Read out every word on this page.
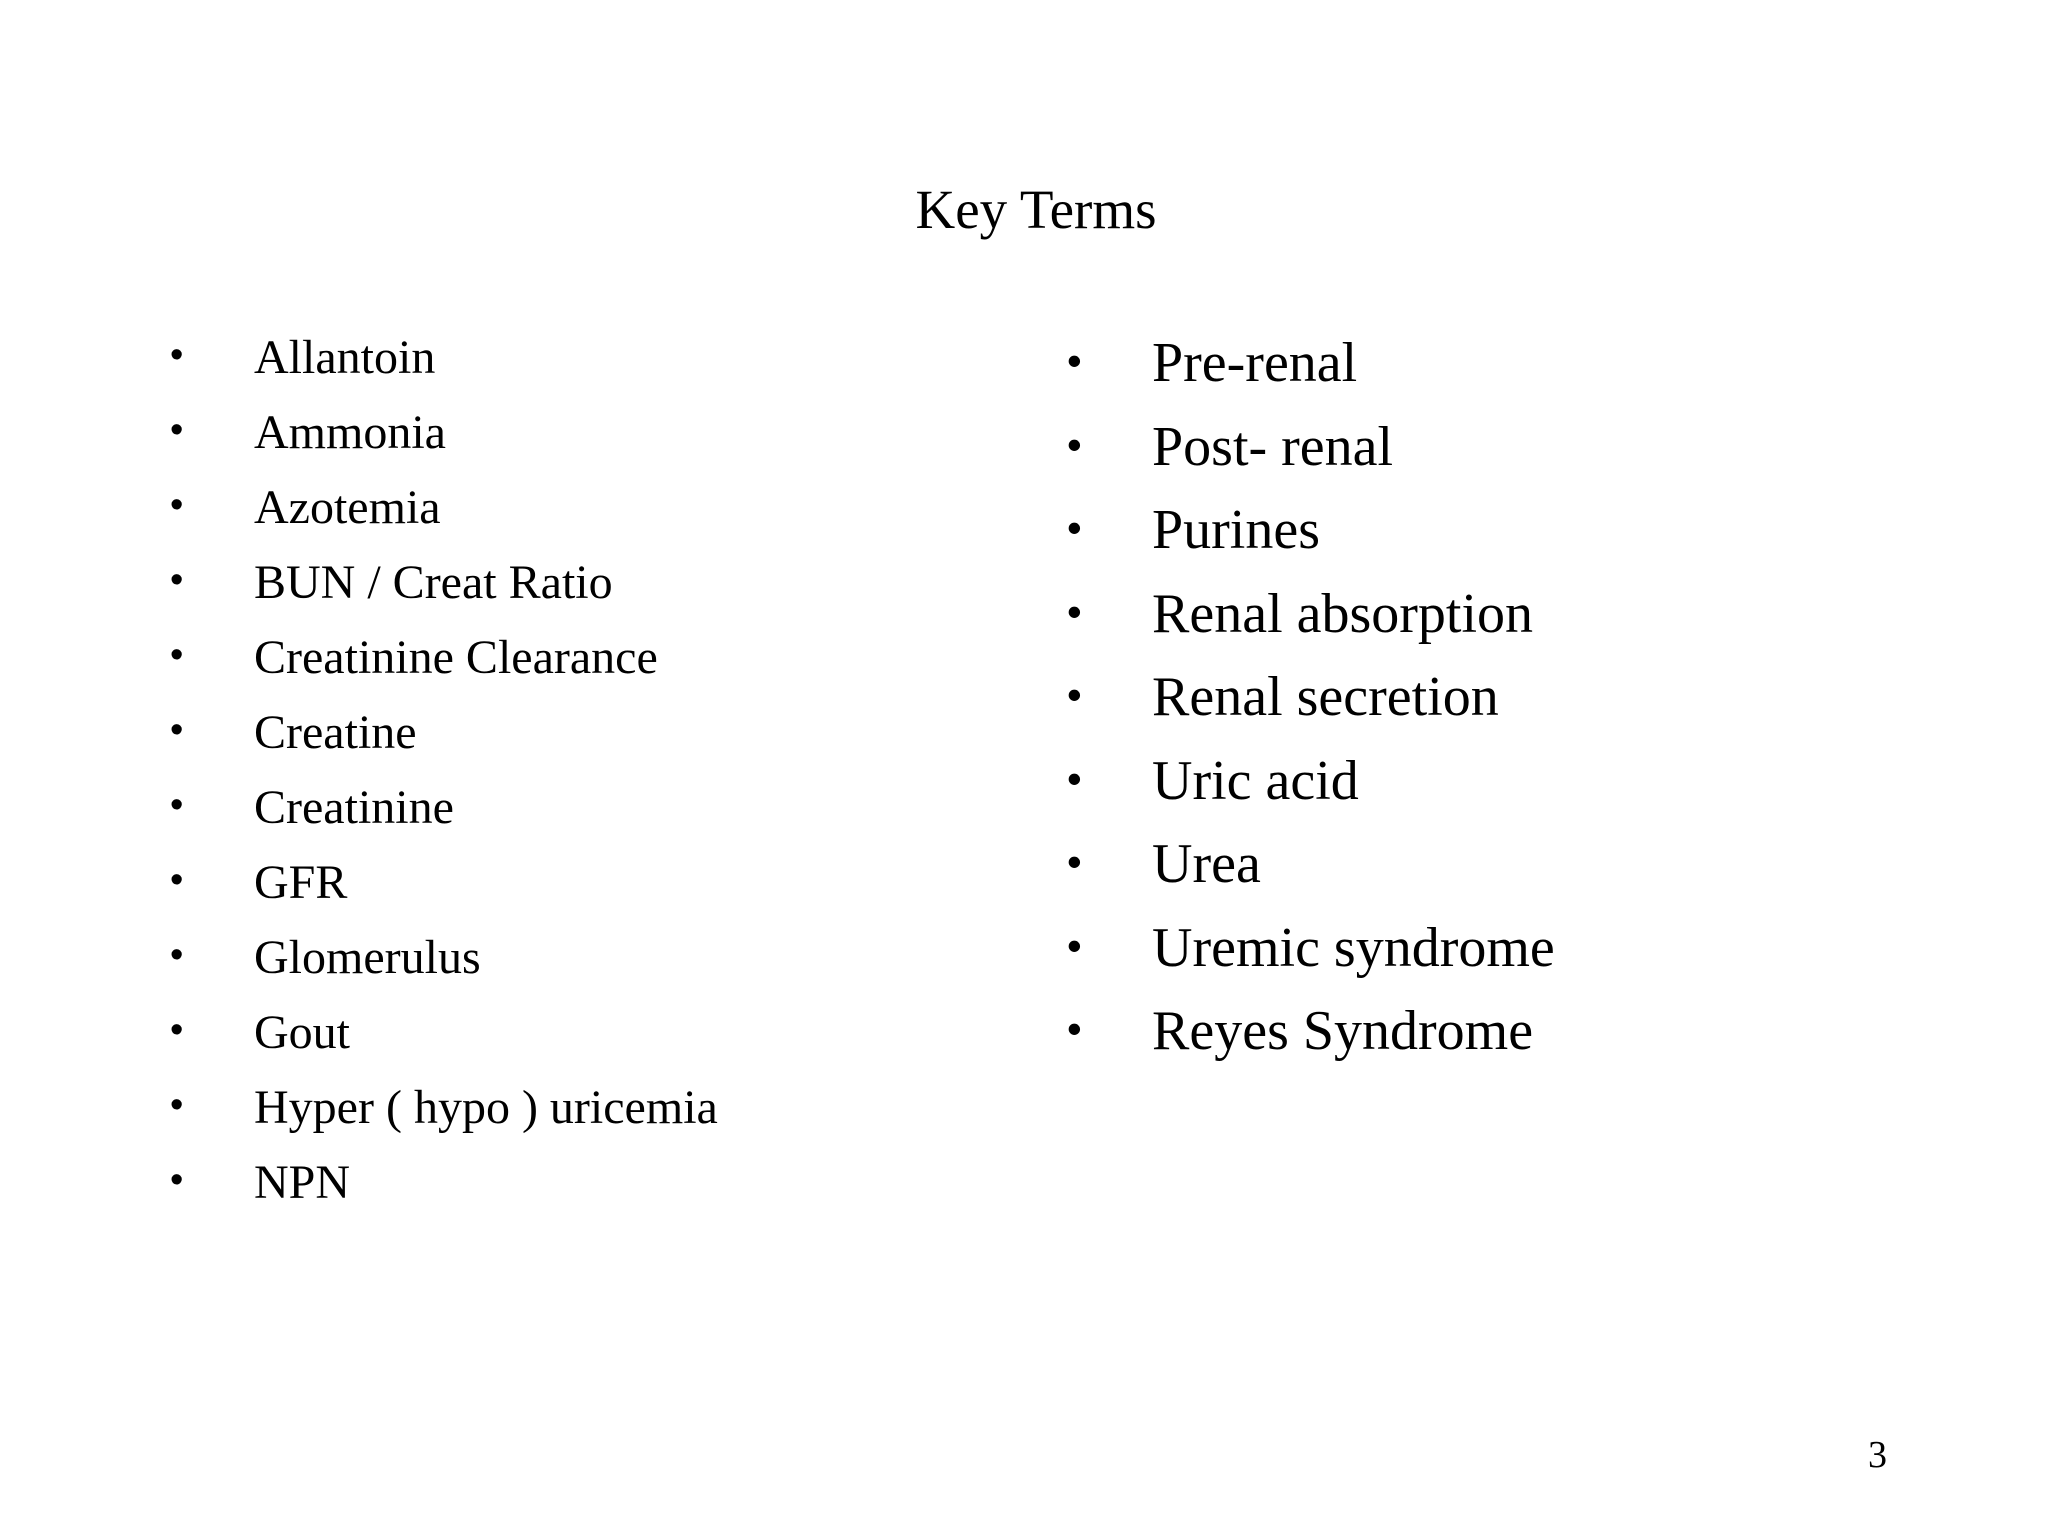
Key Terms
• Allantoin
• Ammonia
• Azotemia
• BUN / Creat Ratio
• Creatinine Clearance
• Creatine
• Creatinine
• GFR
• Glomerulus
• Gout
• Hyper ( hypo ) uricemia
• NPN
• Pre-renal
• Post- renal
• Purines
• Renal absorption
• Renal secretion
• Uric acid
• Urea
• Uremic syndrome
• Reyes Syndrome
3
